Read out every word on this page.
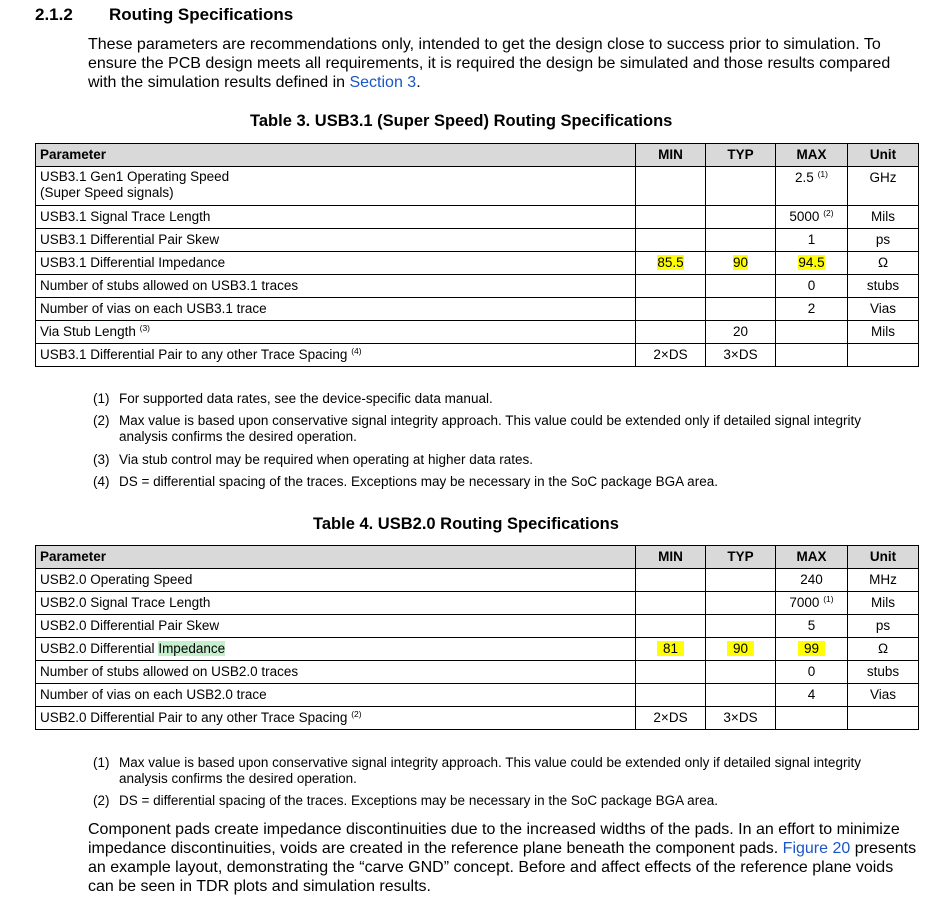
2.1.2 Routing Specifications
These parameters are recommendations only, intended to get the design close to success prior to simulation. To ensure the PCB design meets all requirements, it is required the design be simulated and those results compared with the simulation results defined in Section 3.
Table 3. USB3.1 (Super Speed) Routing Specifications
Parameter	MIN	TYP	MAX	Unit
USB3.1 Gen1 Operating Speed
(Super Speed signals)			2.5 $^{(1)}$	GHz
USB3.1 Signal Trace Length			5000 $^{(2)}$	Mils
USB3.1 Differential Pair Skew			1	ps
USB3.1 Differential Impedance	85.5	90	94.5	Ω
Number of stubs allowed on USB3.1 traces			0	stubs
Number of vias on each USB3.1 trace			2	Vias
Via Stub Length $^{(3)}$		20		Mils
USB3.1 Differential Pair to any other Trace Spacing $^{(4)}$	2×DS	3×DS		
(1) For supported data rates, see the device-specific data manual.
(2) Max value is based upon conservative signal integrity approach. This value could be extended only if detailed signal integrity analysis confirms the desired operation.
(3) Via stub control may be required when operating at higher data rates.
(4) DS = differential spacing of the traces. Exceptions may be necessary in the SoC package BGA area.
Table 4. USB2.0 Routing Specifications
Parameter	MIN	TYP	MAX	Unit
USB2.0 Operating Speed			240	MHz
USB2.0 Signal Trace Length			7000 $^{(1)}$	Mils
USB2.0 Differential Pair Skew			5	ps
USB2.0 Differential Impedance	81	90	99	Ω
Number of stubs allowed on USB2.0 traces			0	stubs
Number of vias on each USB2.0 trace			4	Vias
USB2.0 Differential Pair to any other Trace Spacing $^{(2)}$	2×DS	3×DS		
(1) Max value is based upon conservative signal integrity approach. This value could be extended only if detailed signal integrity analysis confirms the desired operation.
(2) DS = differential spacing of the traces. Exceptions may be necessary in the SoC package BGA area.
Component pads create impedance discontinuities due to the increased widths of the pads. In an effort to minimize impedance discontinuities, voids are created in the reference plane beneath the component pads. Figure 20 presents an example layout, demonstrating the “carve GND” concept. Before and affect effects of the reference plane voids can be seen in TDR plots and simulation results.
